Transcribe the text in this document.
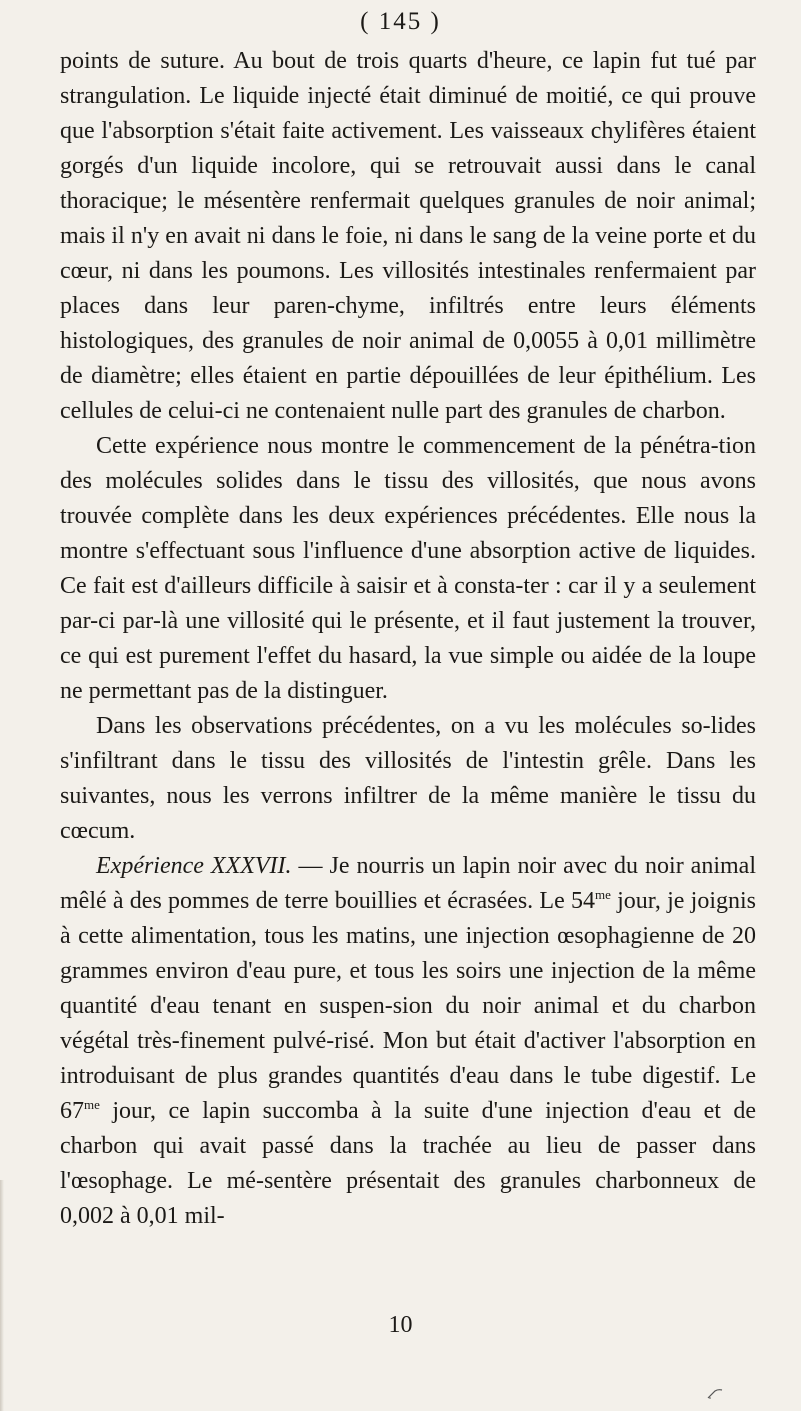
( 145 )

points de suture. Au bout de trois quarts d'heure, ce lapin fut tué par strangulation. Le liquide injecté était diminué de moitié, ce qui prouve que l'absorption s'était faite activement. Les vaisseaux chylifères étaient gorgés d'un liquide incolore, qui se retrouvait aussi dans le canal thoracique; le mésentère renfermait quelques granules de noir animal; mais il n'y en avait ni dans le foie, ni dans le sang de la veine porte et du cœur, ni dans les poumons. Les villosités intestinales renfermaient par places dans leur paren-chyme, infiltrés entre leurs éléments histologiques, des granules de noir animal de 0,0055 à 0,01 millimètre de diamètre; elles étaient en partie dépouillées de leur épithélium. Les cellules de celui-ci ne contenaient nulle part des granules de charbon.

Cette expérience nous montre le commencement de la pénétra-tion des molécules solides dans le tissu des villosités, que nous avons trouvée complète dans les deux expériences précédentes. Elle nous la montre s'effectuant sous l'influence d'une absorption active de liquides. Ce fait est d'ailleurs difficile à saisir et à consta-ter : car il y a seulement par-ci par-là une villosité qui le présente, et il faut justement la trouver, ce qui est purement l'effet du hasard, la vue simple ou aidée de la loupe ne permettant pas de la distinguer.

Dans les observations précédentes, on a vu les molécules so-lides s'infiltrant dans le tissu des villosités de l'intestin grêle. Dans les suivantes, nous les verrons infiltrer de la même manière le tissu du cœcum.

Expérience XXXVII. — Je nourris un lapin noir avec du noir animal mêlé à des pommes de terre bouillies et écrasées. Le $54^{me}$ jour, je joignis à cette alimentation, tous les matins, une injection œsophagienne de 20 grammes environ d'eau pure, et tous les soirs une injection de la même quantité d'eau tenant en suspen-sion du noir animal et du charbon végétal très-finement pulvé-risé. Mon but était d'activer l'absorption en introduisant de plus grandes quantités d'eau dans le tube digestif. Le $67^{me}$ jour, ce lapin succomba à la suite d'une injection d'eau et de charbon qui avait passé dans la trachée au lieu de passer dans l'œsophage. Le mé-sentère présentait des granules charbonneux de 0,002 à 0,01 mil-

10
